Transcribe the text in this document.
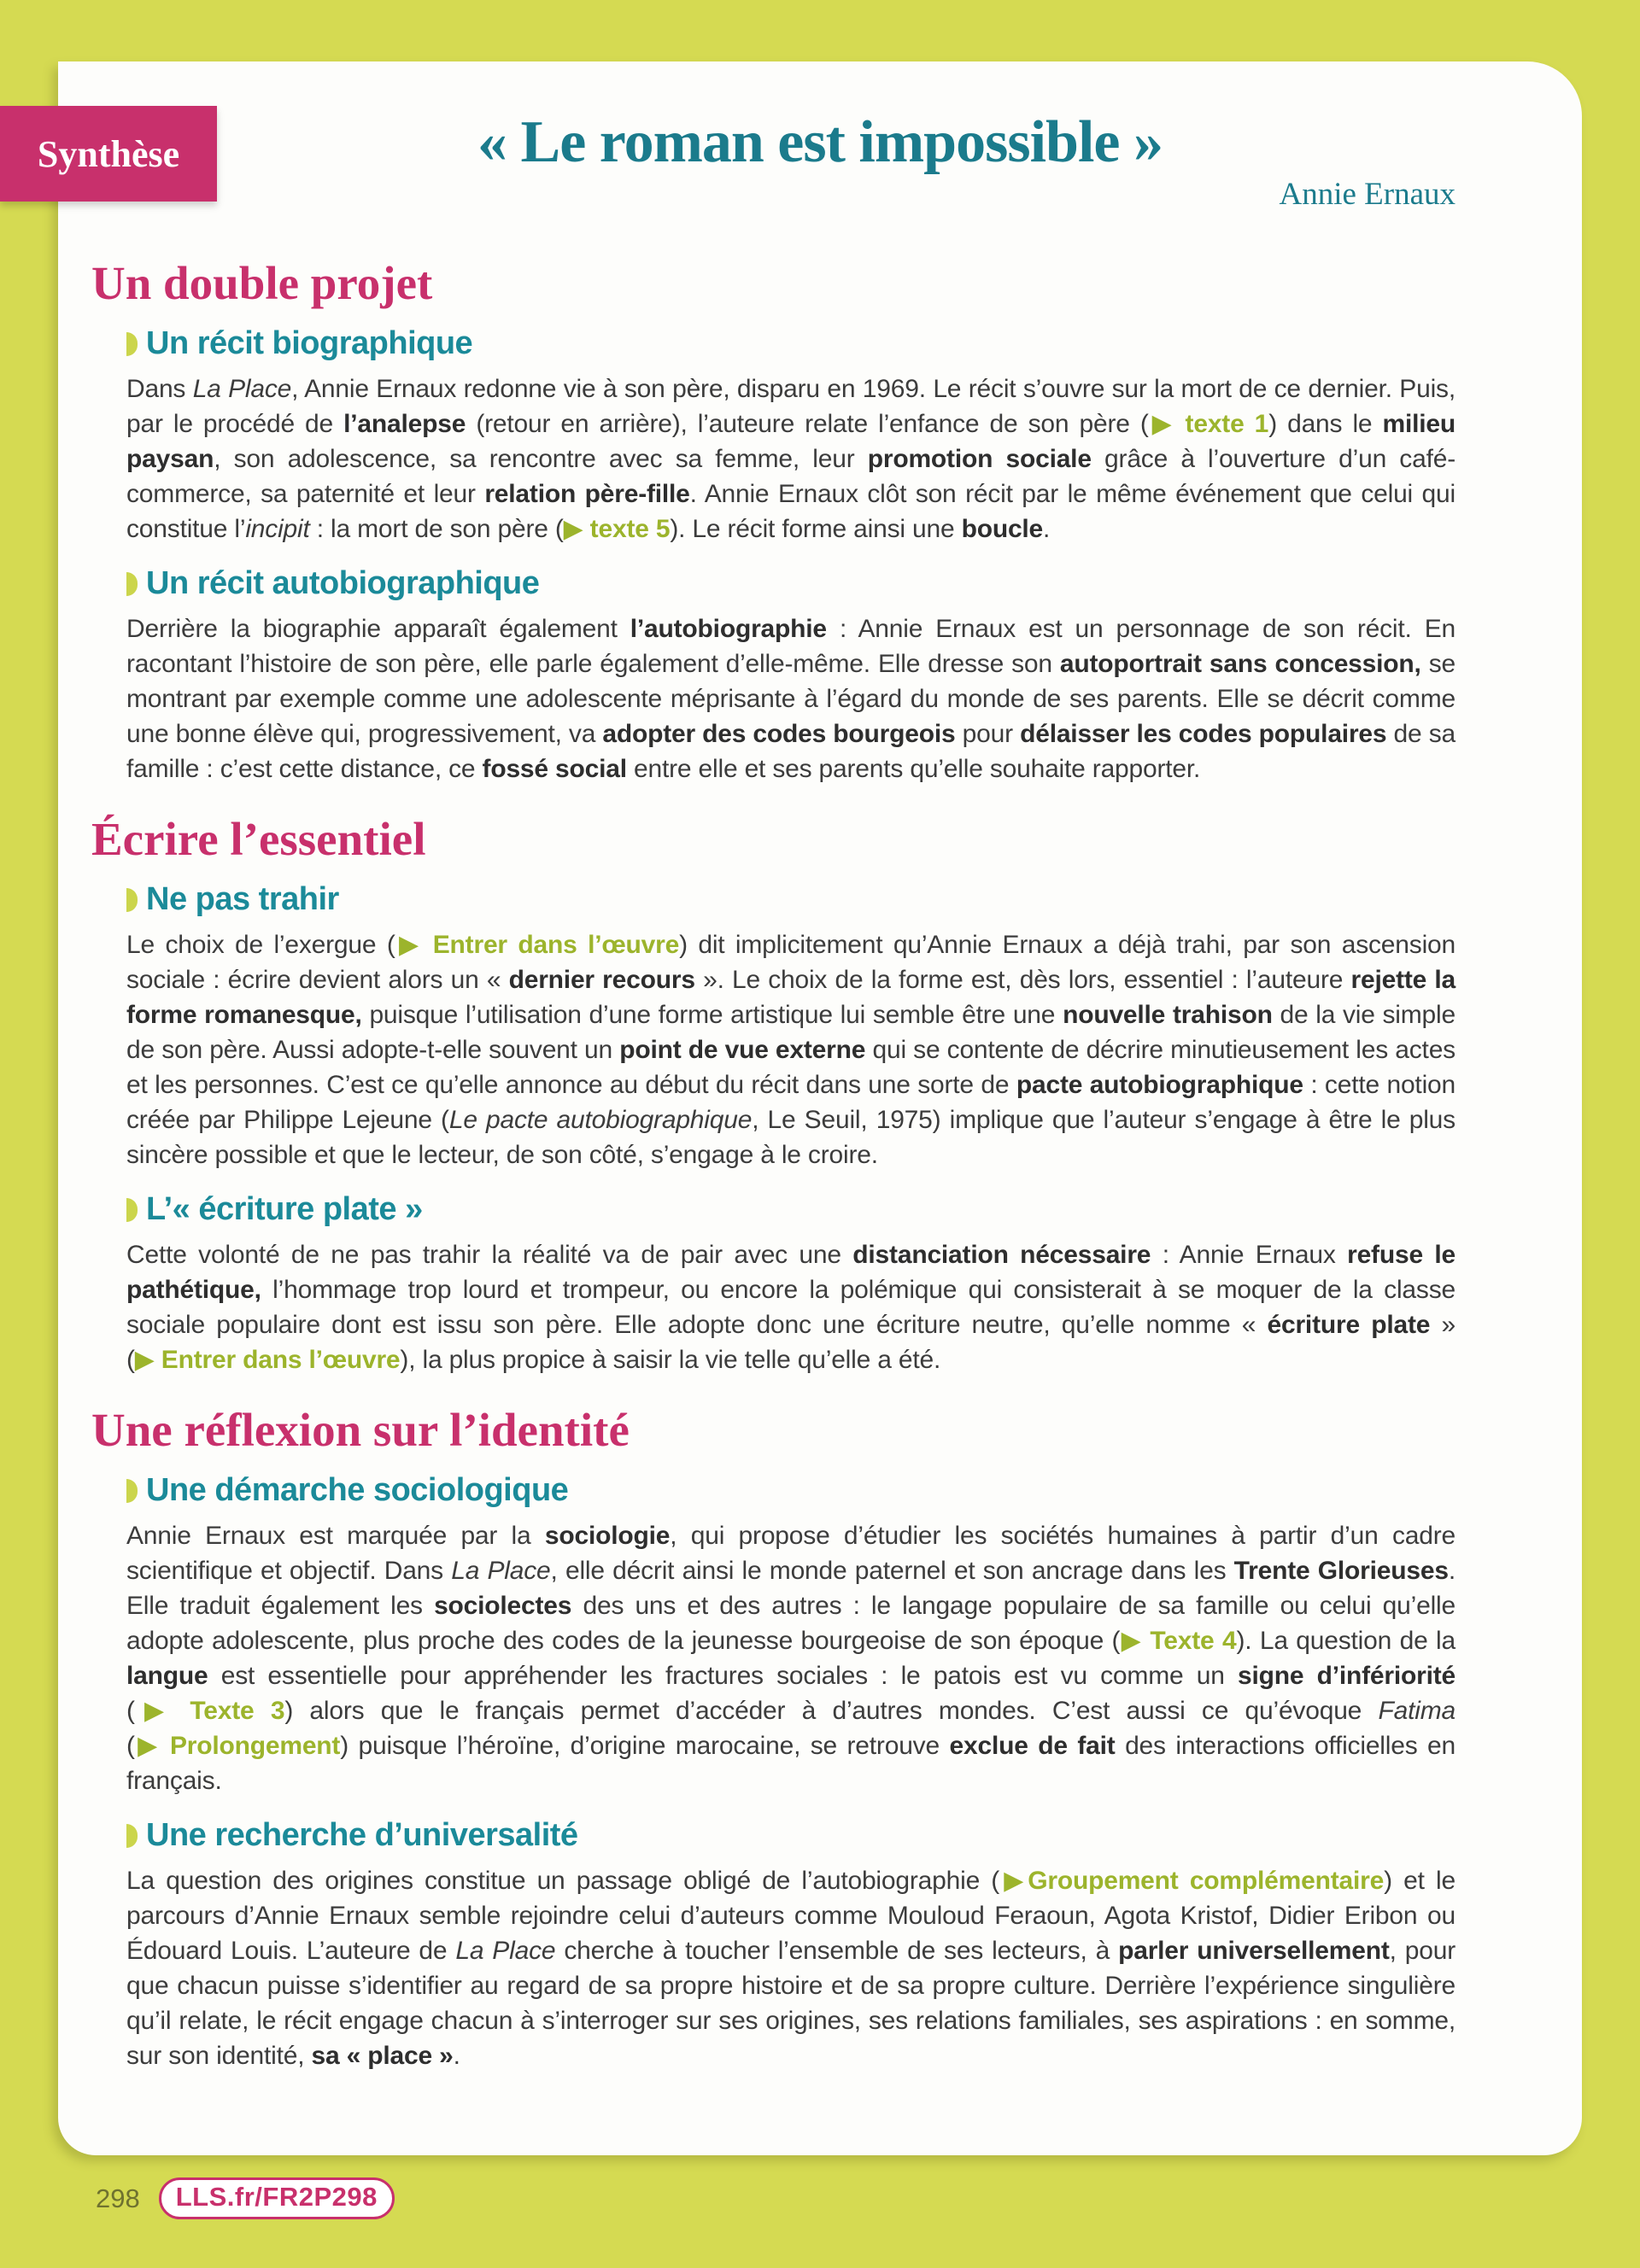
« Le roman est impossible »
Annie Ernaux
Un double projet
Un récit biographique

Dans La Place, Annie Ernaux redonne vie à son père, disparu en 1969. Le récit s’ouvre sur la mort de ce dernier. Puis, par le procédé de l’analepse (retour en arrière), l’auteure relate l’enfance de son père (▶ texte 1) dans le milieu paysan, son adolescence, sa rencontre avec sa femme, leur promotion sociale grâce à l’ouverture d’un café-commerce, sa paternité et leur relation père-fille. Annie Ernaux clôt son récit par le même événement que celui qui constitue l’incipit : la mort de son père (▶ texte 5). Le récit forme ainsi une boucle.

Un récit autobiographique

Derrière la biographie apparaît également l’autobiographie : Annie Ernaux est un personnage de son récit. En racontant l’histoire de son père, elle parle également d’elle-même. Elle dresse son autoportrait sans concession, se montrant par exemple comme une adolescente méprisante à l’égard du monde de ses parents. Elle se décrit comme une bonne élève qui, progressivement, va adopter des codes bourgeois pour délaisser les codes populaires de sa famille : c’est cette distance, ce fossé social entre elle et ses parents qu’elle souhaite rapporter.

Écrire l’essentiel
Ne pas trahir

Le choix de l’exergue (▶ Entrer dans l’œuvre) dit implicitement qu’Annie Ernaux a déjà trahi, par son ascension sociale : écrire devient alors un « dernier recours ». Le choix de la forme est, dès lors, essentiel : l’auteure rejette la forme romanesque, puisque l’utilisation d’une forme artistique lui semble être une nouvelle trahison de la vie simple de son père. Aussi adopte-t-elle souvent un point de vue externe qui se contente de décrire minutieusement les actes et les personnes. C’est ce qu’elle annonce au début du récit dans une sorte de pacte autobiographique : cette notion créée par Philippe Lejeune (Le pacte autobiographique, Le Seuil, 1975) implique que l’auteur s’engage à être le plus sincère possible et que le lecteur, de son côté, s’engage à le croire.

L’« écriture plate »

Cette volonté de ne pas trahir la réalité va de pair avec une distanciation nécessaire : Annie Ernaux refuse le pathétique, l’hommage trop lourd et trompeur, ou encore la polémique qui consisterait à se moquer de la classe sociale populaire dont est issu son père. Elle adopte donc une écriture neutre, qu’elle nomme « écriture plate » (▶ Entrer dans l’œuvre), la plus propice à saisir la vie telle qu’elle a été.

Une réflexion sur l’identité
Une démarche sociologique

Annie Ernaux est marquée par la sociologie, qui propose d’étudier les sociétés humaines à partir d’un cadre scientifique et objectif. Dans La Place, elle décrit ainsi le monde paternel et son ancrage dans les Trente Glorieuses. Elle traduit également les sociolectes des uns et des autres : le langage populaire de sa famille ou celui qu’elle adopte adolescente, plus proche des codes de la jeunesse bourgeoise de son époque (▶ Texte 4). La question de la langue est essentielle pour appréhender les fractures sociales : le patois est vu comme un signe d’infériorité (▶ Texte 3) alors que le français permet d’accéder à d’autres mondes. C’est aussi ce qu’évoque Fatima (▶ Prolongement) puisque l’héroïne, d’origine marocaine, se retrouve exclue de fait des interactions officielles en français.

Une recherche d’universalité

La question des origines constitue un passage obligé de l’autobiographie (▶Groupement complémentaire) et le parcours d’Annie Ernaux semble rejoindre celui d’auteurs comme Mouloud Feraoun, Agota Kristof, Didier Eribon ou Édouard Louis. L’auteure de La Place cherche à toucher l’ensemble de ses lecteurs, à parler universellement, pour que chacun puisse s’identifier au regard de sa propre histoire et de sa propre culture. Derrière l’expérience singulière qu’il relate, le récit engage chacun à s’interroger sur ses origines, ses relations familiales, ses aspirations : en somme, sur son identité, sa « place ».

Synthèse
298	LLS.fr/FR2P298
